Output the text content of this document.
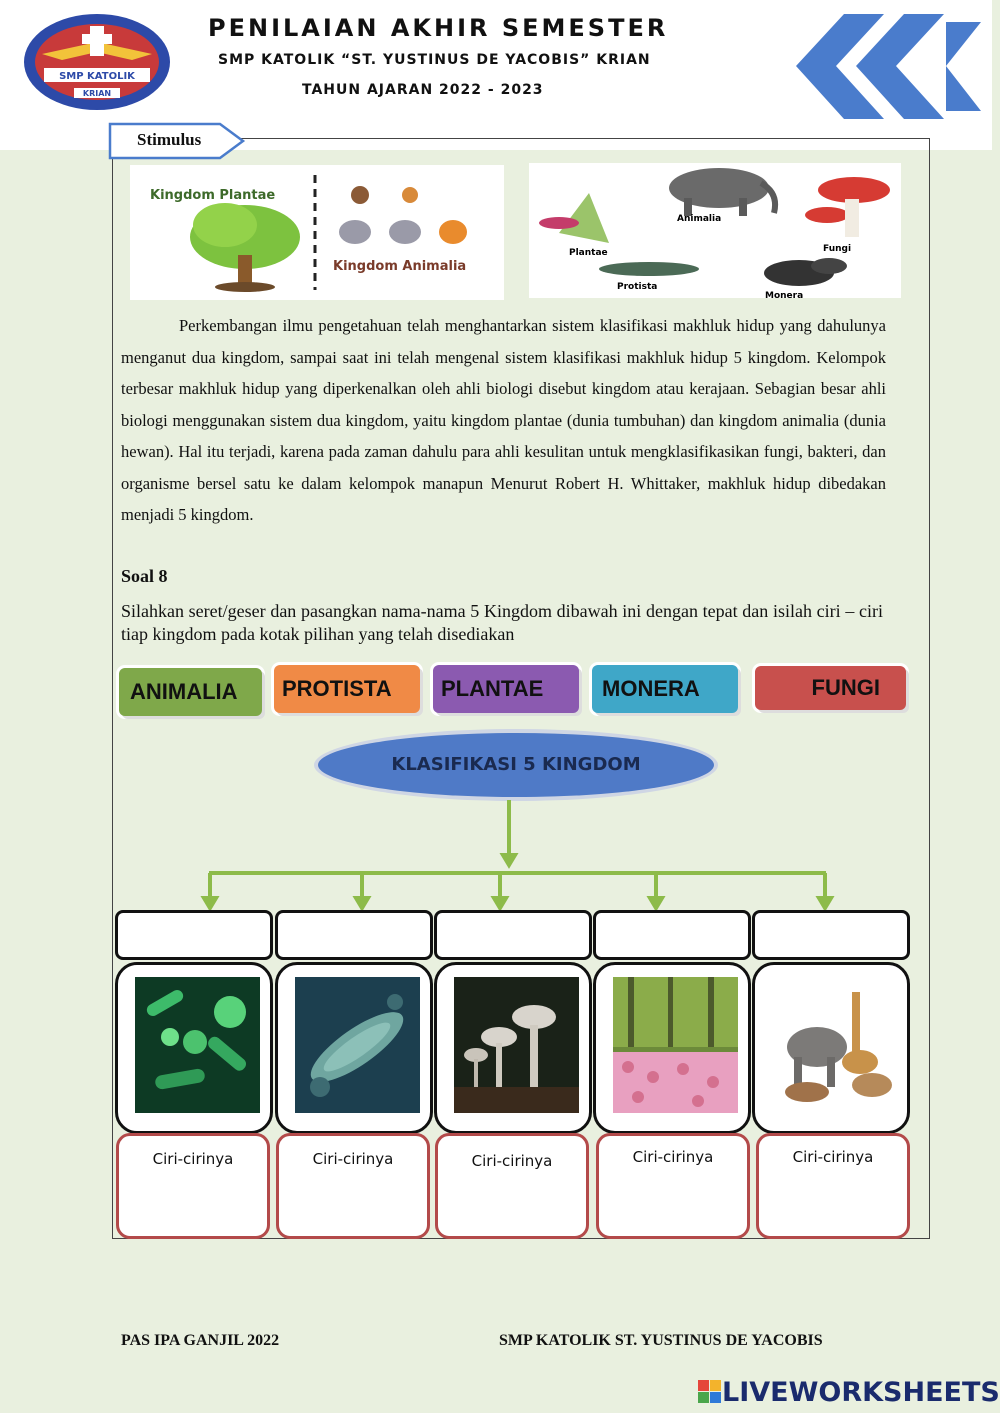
SMP KATOLIK
KRIAN
PENILAIAN AKHIR SEMESTER
SMP KATOLIK “ST. YUSTINUS DE YACOBIS” KRIAN
TAHUN AJARAN 2022 - 2023
Stimulus
Kingdom Plantae
Kingdom Animalia
Animalia
Fungi
Plantae
Protista
Monera
Perkembangan ilmu pengetahuan telah menghantarkan sistem klasifikasi makhluk hidup yang dahulunya menganut dua kingdom, sampai saat ini telah mengenal sistem klasifikasi makhluk hidup 5 kingdom. Kelompok terbesar makhluk hidup yang diperkenalkan oleh ahli biologi disebut kingdom atau kerajaan. Sebagian besar ahli biologi menggunakan sistem dua kingdom, yaitu kingdom plantae (dunia tumbuhan) dan kingdom animalia (dunia hewan). Hal itu terjadi, karena pada zaman dahulu para ahli kesulitan untuk mengklasifikasikan fungi, bakteri, dan organisme bersel satu ke dalam kelompok manapun Menurut Robert H. Whittaker, makhluk hidup dibedakan menjadi 5 kingdom.
Soal 8
Silahkan seret/geser dan pasangkan nama-nama 5 Kingdom dibawah ini dengan tepat dan isilah ciri – ciri tiap kingdom pada kotak pilihan yang telah disediakan
ANIMALIA	PROTISTA	PLANTAE	MONERA	FUNGI
KLASIFIKASI 5 KINGDOM
Ciri-cirinya	Ciri-cirinya	Ciri-cirinya	Ciri-cirinya	Ciri-cirinya
PAS IPA GANJIL 2022	SMP KATOLIK ST. YUSTINUS DE YACOBIS
LIVEWORKSHEETS
